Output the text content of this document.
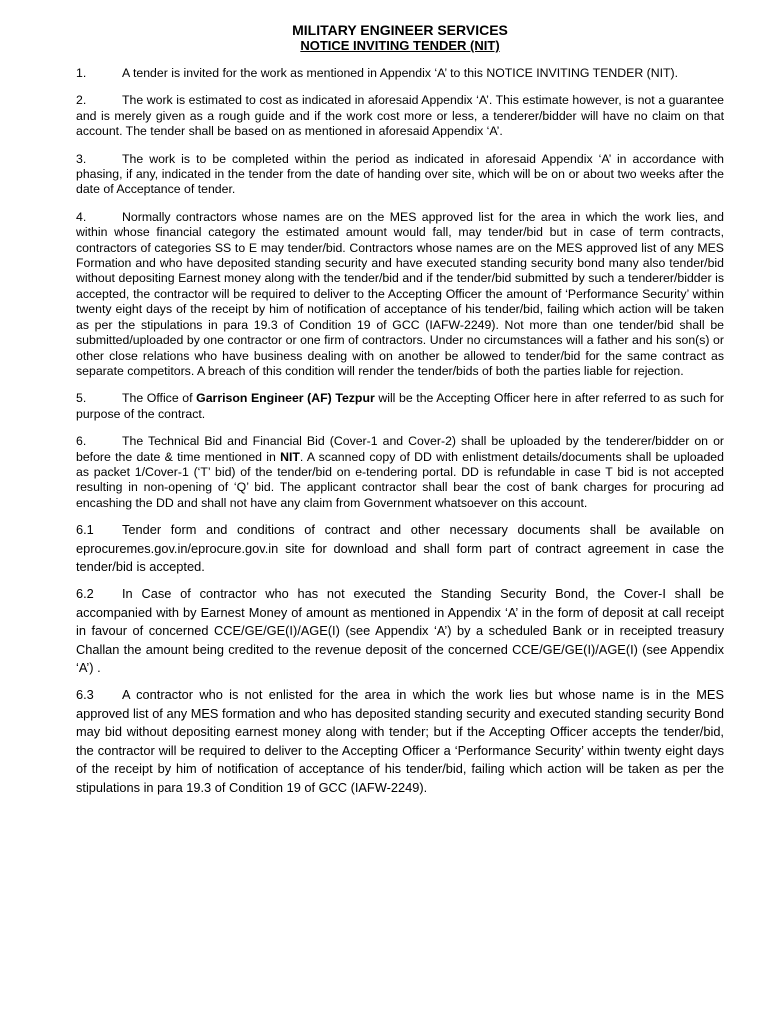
MILITARY ENGINEER SERVICES

NOTICE INVITING TENDER (NIT)

1.	A tender is invited for the work as mentioned in Appendix ‘A’ to this NOTICE INVITING TENDER (NIT).

2.	The work is estimated to cost as indicated in aforesaid Appendix ‘A’. This estimate however, is not a guarantee and is merely given as a rough guide and if the work cost more or less, a tenderer/bidder will have no claim on that account. The tender shall be based on as mentioned in aforesaid Appendix ‘A’.

3.	The work is to be completed within the period as indicated in aforesaid Appendix ‘A’ in accordance with phasing, if any, indicated in the tender from the date of handing over site, which will be on or about two weeks after the date of Acceptance of tender.

4.	Normally contractors whose names are on the MES approved list for the area in which the work lies, and within whose financial category the estimated amount would fall, may tender/bid but in case of term contracts, contractors of categories SS to E may tender/bid. Contractors whose names are on the MES approved list of any MES Formation and who have deposited standing security and have executed standing security bond many also tender/bid without depositing Earnest money along with the tender/bid and if the tender/bid submitted by such a tenderer/bidder is accepted, the contractor will be required to deliver to the Accepting Officer the amount of ‘Performance Security’ within twenty eight days of the receipt by him of notification of acceptance of his tender/bid, failing which action will be taken as per the stipulations in para 19.3 of Condition 19 of GCC (IAFW-2249). Not more than one tender/bid shall be submitted/uploaded by one contractor or one firm of contractors. Under no circumstances will a father and his son(s) or other close relations who have business dealing with on another be allowed to tender/bid for the same contract as separate competitors. A breach of this condition will render the tender/bids of both the parties liable for rejection.

5.	The Office of Garrison Engineer (AF) Tezpur will be the Accepting Officer here in after referred to as such for purpose of the contract.

6.	The Technical Bid and Financial Bid (Cover-1 and Cover-2) shall be uploaded by the tenderer/bidder on or before the date & time mentioned in NIT. A scanned copy of DD with enlistment details/documents shall be uploaded as packet 1/Cover-1 (‘T’ bid) of the tender/bid on e-tendering portal. DD is refundable in case T bid is not accepted resulting in non-opening of ‘Q’ bid. The applicant contractor shall bear the cost of bank charges for procuring ad encashing the DD and shall not have any claim from Government whatsoever on this account.

6.1 Tender form and conditions of contract and other necessary documents shall be available on eprocuremes.gov.in/eprocure.gov.in site for download and shall form part of contract agreement in case the tender/bid is accepted.

6.2 In Case of contractor who has not executed the Standing Security Bond, the Cover-I shall be accompanied with by Earnest Money of amount as mentioned in Appendix ‘A’ in the form of deposit at call receipt in favour of concerned CCE/GE/GE(I)/AGE(I) (see Appendix ‘A’) by a scheduled Bank or in receipted treasury Challan the amount being credited to the revenue deposit of the concerned CCE/GE/GE(I)/AGE(I) (see Appendix ‘A’) .

6.3 A contractor who is not enlisted for the area in which the work lies but whose name is in the MES approved list of any MES formation and who has deposited standing security and executed standing security Bond may bid without depositing earnest money along with tender; but if the Accepting Officer accepts the tender/bid, the contractor will be required to deliver to the Accepting Officer a ‘Performance Security’ within twenty eight days of the receipt by him of notification of acceptance of his tender/bid, failing which action will be taken as per the stipulations in para 19.3 of Condition 19 of GCC (IAFW-2249).
